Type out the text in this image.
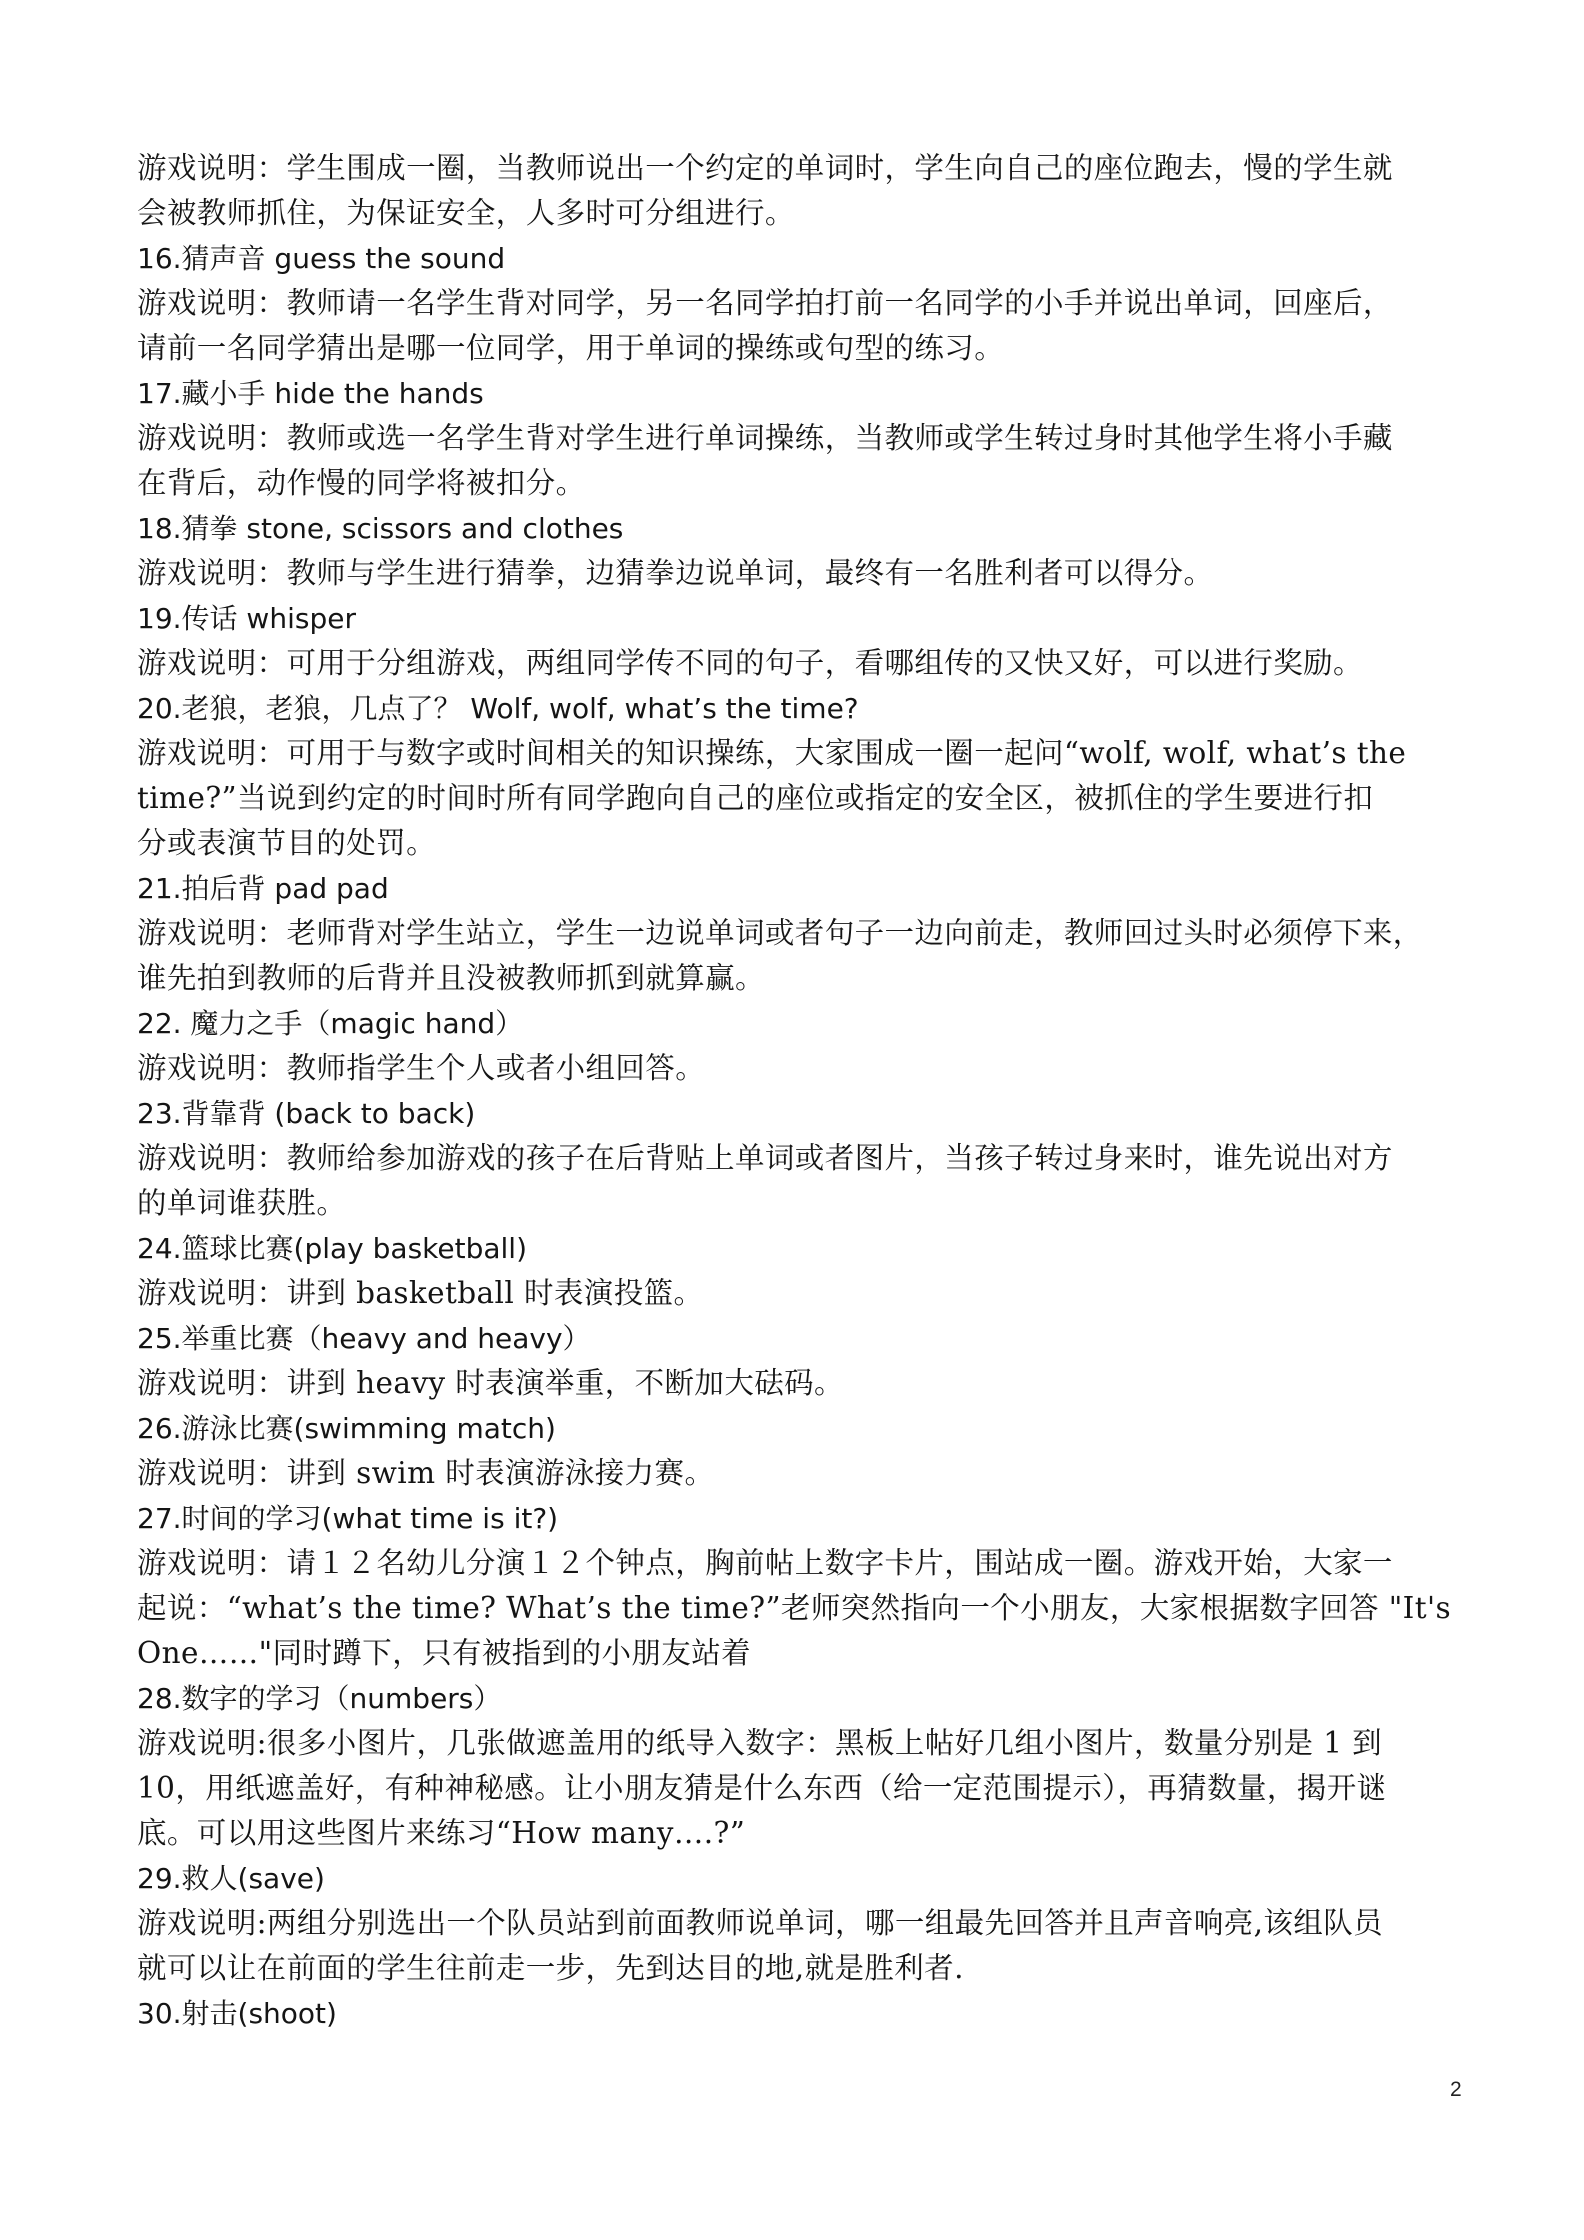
游戏说明：学生围成一圈，当教师说出一个约定的单词时，学生向自己的座位跑去，慢的学生就

会被教师抓住，为保证安全，人多时可分组进行。

16.猜声音 guess the sound

游戏说明：教师请一名学生背对同学，另一名同学拍打前一名同学的小手并说出单词，回座后，

请前一名同学猜出是哪一位同学，用于单词的操练或句型的练习。

17.藏小手 hide the hands

游戏说明：教师或选一名学生背对学生进行单词操练，当教师或学生转过身时其他学生将小手藏

在背后，动作慢的同学将被扣分。

18.猜拳 stone, scissors and clothes

游戏说明：教师与学生进行猜拳，边猜拳边说单词，最终有一名胜利者可以得分。

19.传话 whisper

游戏说明：可用于分组游戏，两组同学传不同的句子，看哪组传的又快又好，可以进行奖励。

20.老狼，老狼，几点了？ Wolf, wolf, what’s the time?

游戏说明：可用于与数字或时间相关的知识操练，大家围成一圈一起问“wolf, wolf, what’s the

time?”当说到约定的时间时所有同学跑向自己的座位或指定的安全区，被抓住的学生要进行扣

分或表演节目的处罚。

21.拍后背 pad pad

游戏说明：老师背对学生站立，学生一边说单词或者句子一边向前走，教师回过头时必须停下来，

谁先拍到教师的后背并且没被教师抓到就算赢。

22. 魔力之手（magic hand）

游戏说明：教师指学生个人或者小组回答。

23.背靠背 (back to back)

游戏说明：教师给参加游戏的孩子在后背贴上单词或者图片，当孩子转过身来时，谁先说出对方

的单词谁获胜。

24.篮球比赛(play basketball)

游戏说明：讲到 basketball 时表演投篮。

25.举重比赛（heavy and heavy）

游戏说明：讲到 heavy 时表演举重，不断加大砝码。

26.游泳比赛(swimming match)

游戏说明：讲到 swim 时表演游泳接力赛。

27.时间的学习(what time is it?)

游戏说明：请１２名幼儿分演１２个钟点，胸前帖上数字卡片，围站成一圈。游戏开始，大家一

起说：“what’s the time? What’s the time?”老师突然指向一个小朋友，大家根据数字回答 "It's

One……"同时蹲下，只有被指到的小朋友站着

28.数字的学习（numbers）

游戏说明:很多小图片，几张做遮盖用的纸导入数字：黑板上帖好几组小图片，数量分别是 1 到

10，用纸遮盖好，有种神秘感。让小朋友猜是什么东西（给一定范围提示），再猜数量，揭开谜

底。可以用这些图片来练习“How many….?”

29.救人(save)

游戏说明:两组分别选出一个队员站到前面教师说单词，哪一组最先回答并且声音响亮,该组队员

就可以让在前面的学生往前走一步，先到达目的地,就是胜利者.

30.射击(shoot)

2
